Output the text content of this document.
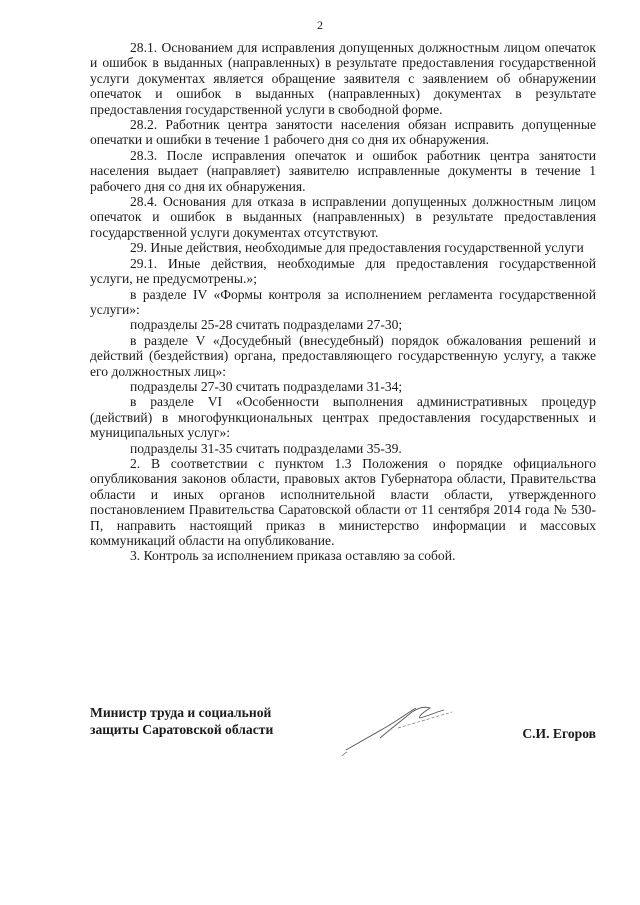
2

28.1. Основанием для исправления допущенных должностным лицом опечаток и ошибок в выданных (направленных) в результате предоставления государственной услуги документах является обращение заявителя с заявлением об обнаружении опечаток и ошибок в выданных (направленных) документах в результате предоставления государственной услуги в свободной форме.

28.2. Работник центра занятости населения обязан исправить допущенные опечатки и ошибки в течение 1 рабочего дня со дня их обнаружения.

28.3. После исправления опечаток и ошибок работник центра занятости населения выдает (направляет) заявителю исправленные документы в течение 1 рабочего дня со дня их обнаружения.

28.4. Основания для отказа в исправлении допущенных должностным лицом опечаток и ошибок в выданных (направленных) в результате предоставления государственной услуги документах отсутствуют.

29. Иные действия, необходимые для предоставления государственной услуги

29.1. Иные действия, необходимые для предоставления государственной услуги, не предусмотрены.»;

в разделе IV «Формы контроля за исполнением регламента государственной услуги»:

подразделы 25-28 считать подразделами 27-30;

в разделе V «Досудебный (внесудебный) порядок обжалования решений и действий (бездействия) органа, предоставляющего государственную услугу, а также его должностных лиц»:

подразделы 27-30 считать подразделами 31-34;

в разделе VI «Особенности выполнения административных процедур (действий) в многофункциональных центрах предоставления государственных и муниципальных услуг»:

подразделы 31-35 считать подразделами 35-39.

2. В соответствии с пунктом 1.3 Положения о порядке официального опубликования законов области, правовых актов Губернатора области, Правительства области и иных органов исполнительной власти области, утвержденного постановлением Правительства Саратовской области от 11 сентября 2014 года № 530-П, направить настоящий приказ в министерство информации и массовых коммуникаций области на опубликование.

3. Контроль за исполнением приказа оставляю за собой.

Министр труда и социальной
защиты Саратовской области	С.И. Егоров
